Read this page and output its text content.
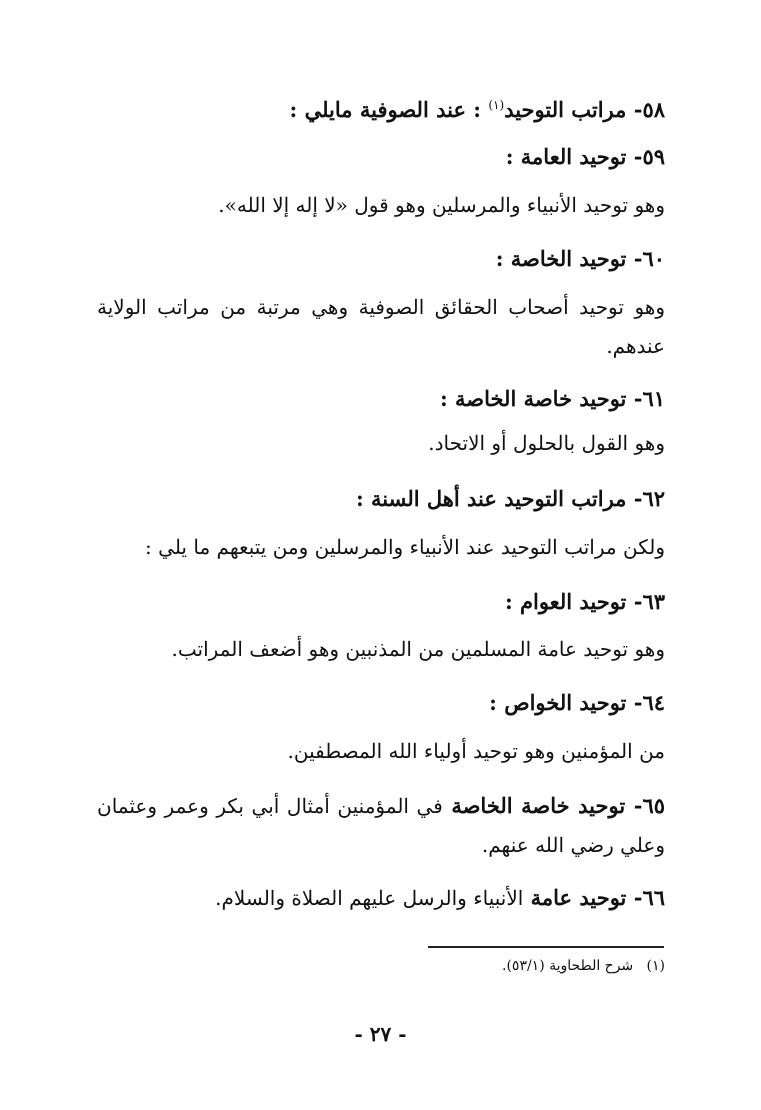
٥٨- مراتب التوحيد$^{(١)}$ : عند الصوفية مايلي :
٥٩- توحيد العامة :
وهو توحيد الأنبياء والمرسلين وهو قول «لا إله إلا الله».
٦٠- توحيد الخاصة :
وهو توحيد أصحاب الحقائق الصوفية وهي مرتبة من مراتب الولاية
عندهم.
٦١- توحيد خاصة الخاصة :
وهو القول بالحلول أو الاتحاد.
٦٢- مراتب التوحيد عند أهل السنة :
ولكن مراتب التوحيد عند الأنبياء والمرسلين ومن يتبعهم ما يلي :
٦٣- توحيد العوام :
وهو توحيد عامة المسلمين من المذنبين وهو أضعف المراتب.
٦٤- توحيد الخواص :
من المؤمنين وهو توحيد أولياء الله المصطفين.
٦٥- توحيد خاصة الخاصة في المؤمنين أمثال أبي بكر وعمر وعثمان
وعلي رضي الله عنهم.
٦٦- توحيد عامة الأنبياء والرسل عليهم الصلاة والسلام.
(١)   شرح الطحاوية (٥٣/١).
- ٢٧ -
